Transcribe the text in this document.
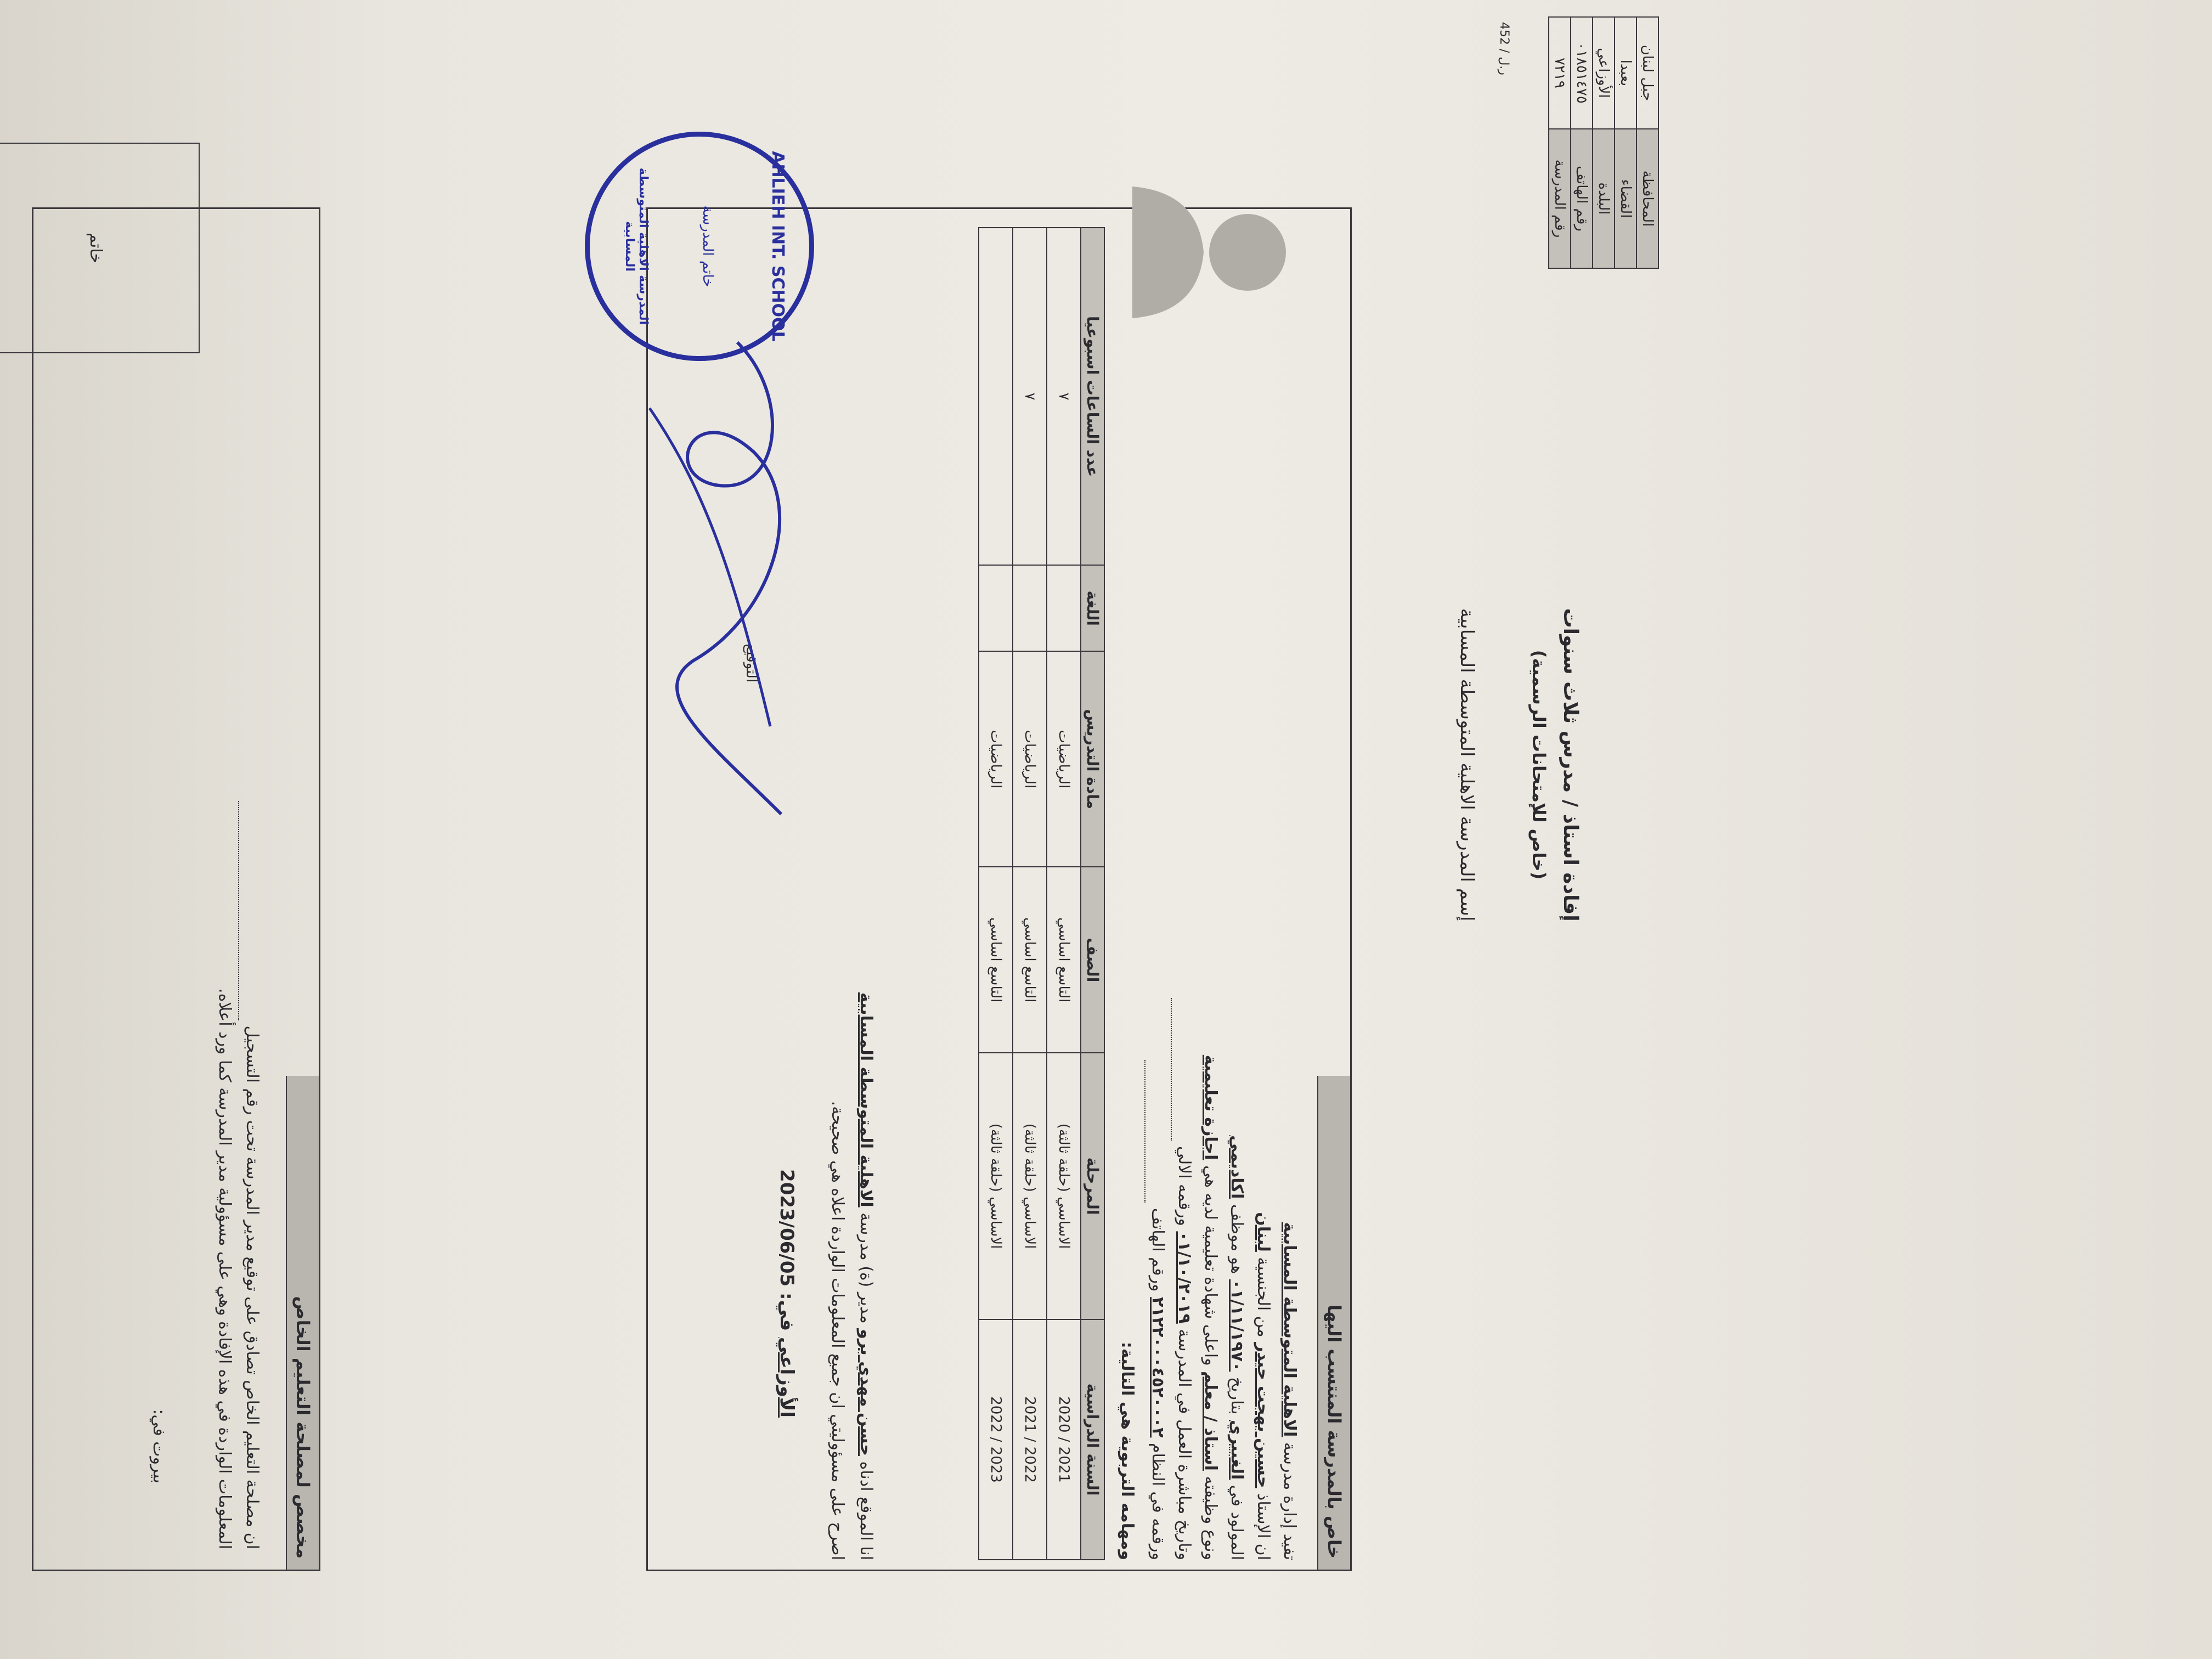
إفادة استاذ / مدرس ثلاث سنوات
(خاص للإمتحانات الرسمية)
إسم المدرسة الاهلية المتوسطة المسابية
المحافظة	جبل لبنان
القضاء	بعبدا
البلدة	الأوزاعي
رقم الهاتف	٠١٨٥١٤٧٥
رقم المدرسة	٧٢١٩
ر.ل / 452
خاص بالمدرسة المنتسب اليها
تفيد إدارة مدرسة الاهلية المتوسطة المسابية
ان الإستاذ حسين بهجت حيدر من الجنسية لبنان
المولود في الغبيري بتاريخ ٠١/١١/١٩٧٠ هو موظف اكاديمي
ونوع وظيفته استاذ / معلم واعلى شهادة تعليمية لديه هي اجازة تعليمية
وتاريخ مباشرة العمل في المدرسة ٠١/١٠/٢٠١٩ ورقمه الالي
ورقمه في النظام ٢١٢٢٠٠٠٤٥٢٠٠٠٢ ورقم الهاتف
ومهامه التربوية هي التالية:
السنة الدراسية	المرحلة	الصف	مادة التدريس	اللغة	عدد الساعات اسبوعيا
2021 / 2020	الاساسي (حلقة ثالثة)	التاسع اساسي	الرياضيات		٧
2022 / 2021	الاساسي (حلقة ثالثة)	التاسع اساسي	الرياضيات		٧
2023 / 2022	الاساسي (حلقة ثالثة)	التاسع اساسي	الرياضيات		
انا الموقع ادناه حسن مهدي برو مدير (ة) مدرسة الاهلية المتوسطة المسابية
اصرح على مسؤوليتي ان جميع المعلومات الواردة اعلاه هي صحيحة.
الأوزاعي في: 2023/06/05
التوقيع
AHLIEH INT. SCHOOL
خاتم المدرسة
المدرسة الاهلية المتوسطة المسابية
مخصص لمصلحة التعليم الخاص
ان مصلحة التعليم الخاص تصادق على توقيع مدير المدرسة تحت رقم التسجيل
المعلومات الواردة في هذه الإفادة وهي على مسؤولية مدير المدرسة كما ورد أعلاه.
بيروت في:
خاتم
